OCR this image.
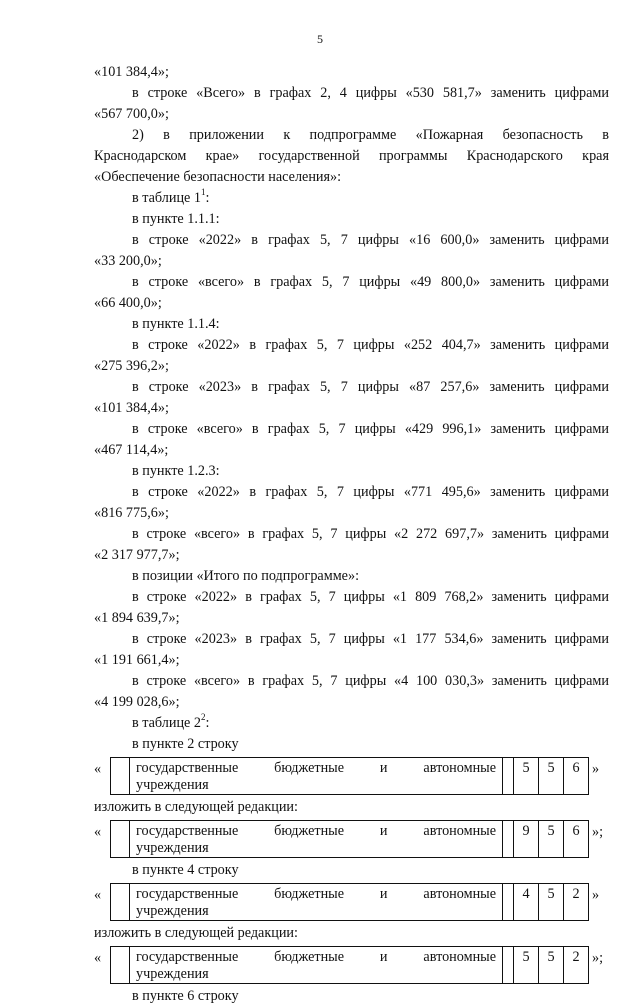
5
«101 384,4»;
в строке «Всего» в графах 2, 4 цифры «530 581,7» заменить цифрами
«567 700,0»;
2) в приложении к подпрограмме «Пожарная безопасность в
Краснодарском крае» государственной программы Краснодарского края
«Обеспечение безопасности населения»:
в таблице $1^1$:
в пункте 1.1.1:
в строке «2022» в графах 5, 7 цифры «16 600,0» заменить цифрами
«33 200,0»;
в строке «всего» в графах 5, 7 цифры «49 800,0» заменить цифрами
«66 400,0»;
в пункте 1.1.4:
в строке «2022» в графах 5, 7 цифры «252 404,7» заменить цифрами
«275 396,2»;
в строке «2023» в графах 5, 7 цифры «87 257,6» заменить цифрами
«101 384,4»;
в строке «всего» в графах 5, 7 цифры «429 996,1» заменить цифрами
«467 114,4»;
в пункте 1.2.3:
в строке «2022» в графах 5, 7 цифры «771 495,6» заменить цифрами
«816 775,6»;
в строке «всего» в графах 5, 7 цифры «2 272 697,7» заменить цифрами
«2 317 977,7»;
в позиции «Итого по подпрограмме»:
в строке «2022» в графах 5, 7 цифры «1 809 768,2» заменить цифрами
«1 894 639,7»;
в строке «2023» в графах 5, 7 цифры «1 177 534,6» заменить цифрами
«1 191 661,4»;
в строке «всего» в графах 5, 7 цифры «4 100 030,3» заменить цифрами
«4 199 028,6»;
в таблице $2^2$:
в пункте 2 строку
«
	государственные бюджетные и автономные
учреждения
		5	5	6 »
изложить в следующей редакции:
«
	государственные бюджетные и автономные
учреждения
		9	5	6 »;
в пункте 4 строку
«
	государственные бюджетные и автономные
учреждения
		4	5	2 »
изложить в следующей редакции:
«
	государственные бюджетные и автономные
учреждения
		5	5	2 »;
в пункте 6 строку
